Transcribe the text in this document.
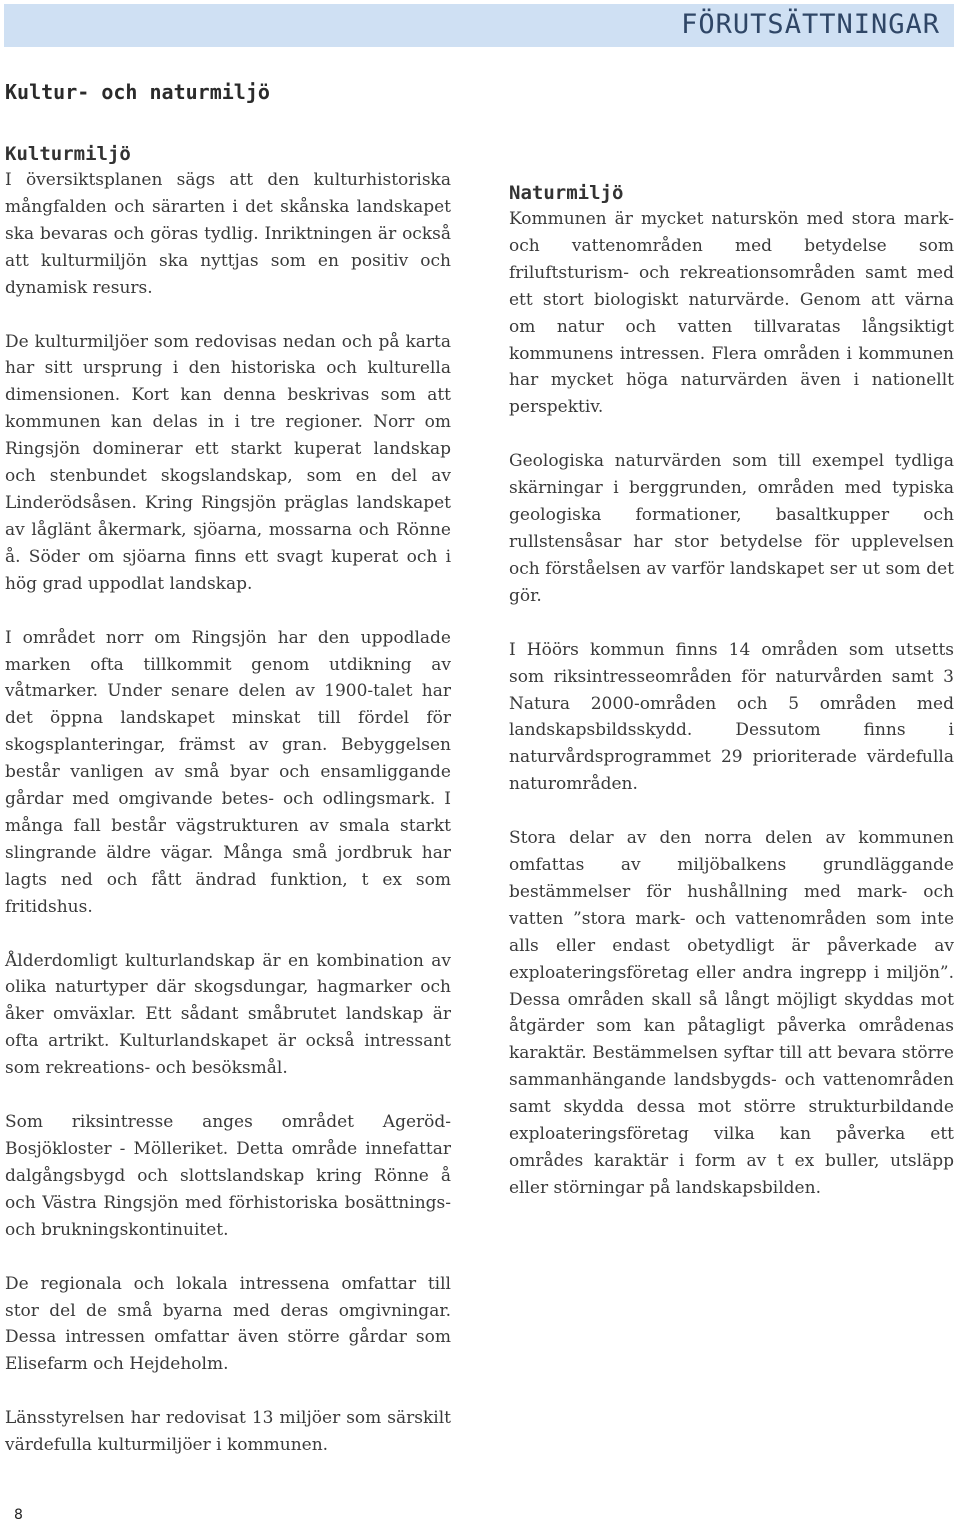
FÖRUTSÄTTNINGAR
Kultur- och naturmiljö
Kulturmiljö

I översiktsplanen sägs att den kulturhistoriska mångfalden och särarten i det skånska landskapet ska bevaras och göras tydlig. Inriktningen är också att kulturmiljön ska nyttjas som en positiv och dynamisk resurs.

De kulturmiljöer som redovisas nedan och på karta har sitt ursprung i den historiska och kulturella dimensionen. Kort kan denna beskrivas som att kommunen kan delas in i tre regioner. Norr om Ringsjön dominerar ett starkt kuperat landskap och stenbundet skogslandskap, som en del av Linderödsåsen. Kring Ringsjön präglas landskapet av låglänt åkermark, sjöarna, mossarna och Rönne å. Söder om sjöarna finns ett svagt kuperat och i hög grad uppodlat landskap.

I området norr om Ringsjön har den uppodlade marken ofta tillkommit genom utdikning av våtmarker. Under senare delen av 1900-talet har det öppna landskapet minskat till fördel för skogsplanteringar, främst av gran. Bebyggelsen består vanligen av små byar och ensamliggande gårdar med omgivande betes- och odlingsmark. I många fall består vägstrukturen av smala starkt slingrande äldre vägar. Många små jordbruk har lagts ned och fått ändrad funktion, t ex som fritidshus.

Ålderdomligt kulturlandskap är en kombination av olika naturtyper där skogsdungar, hagmarker och åker omväxlar. Ett sådant småbrutet landskap är ofta artrikt. Kulturlandskapet är också intressant som rekreations- och besöksmål.

Som riksintresse anges området Ageröd-Bosjökloster - Mölleriket. Detta område innefattar dalgångsbygd och slottslandskap kring Rönne å och Västra Ringsjön med förhistoriska bosättnings- och brukningskontinuitet.

De regionala och lokala intressena omfattar till stor del de små byarna med deras omgivningar. Dessa intressen omfattar även större gårdar som Elisefarm och Hejdeholm.

Länsstyrelsen har redovisat 13 miljöer som särskilt värdefulla kulturmiljöer i kommunen.

Naturmiljö

Kommunen är mycket naturskön med stora mark- och vattenområden med betydelse som friluftsturism- och rekreationsområden samt med ett stort biologiskt naturvärde. Genom att värna om natur och vatten tillvaratas långsiktigt kommunens intressen. Flera områden i kommunen har mycket höga naturvärden även i nationellt perspektiv.

Geologiska naturvärden som till exempel tydliga skärningar i berggrunden, områden med typiska geologiska formationer, basaltkupper och rullstensåsar har stor betydelse för upplevelsen och förståelsen av varför landskapet ser ut som det gör.

I Höörs kommun finns 14 områden som utsetts som riksintresseområden för naturvården samt 3 Natura 2000-områden och 5 områden med landskapsbildsskydd. Dessutom finns i naturvårdsprogrammet 29 prioriterade värdefulla naturområden.

Stora delar av den norra delen av kommunen omfattas av miljöbalkens grundläggande bestämmelser för hushållning med mark- och vatten ”stora mark- och vattenområden som inte alls eller endast obetydligt är påverkade av exploateringsföretag eller andra ingrepp i miljön”. Dessa områden skall så långt möjligt skyddas mot åtgärder som kan påtagligt påverka områdenas karaktär. Bestämmelsen syftar till att bevara större sammanhängande landsbygds- och vattenområden samt skydda dessa mot större strukturbildande exploateringsföretag vilka kan påverka ett områdes karaktär i form av t ex buller, utsläpp eller störningar på landskapsbilden.

8
